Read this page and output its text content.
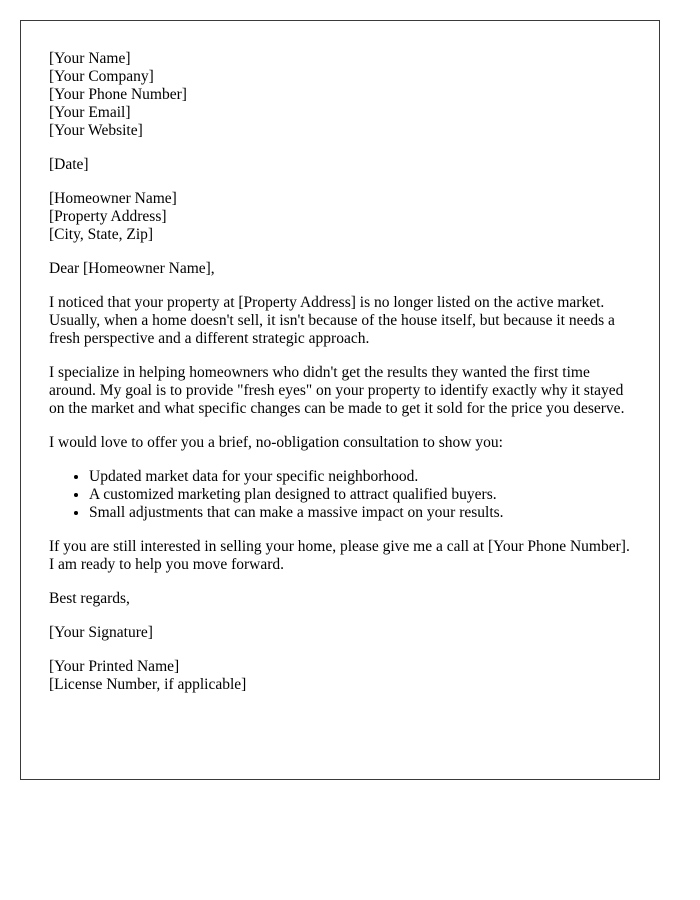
[Your Name]
[Your Company]
[Your Phone Number]
[Your Email]
[Your Website]
[Date]
[Homeowner Name]
[Property Address]
[City, State, Zip]

Dear [Homeowner Name],

I noticed that your property at [Property Address] is no longer listed on the active market. Usually, when a home doesn't sell, it isn't because of the house itself, but because it needs a fresh perspective and a different strategic approach.

I specialize in helping homeowners who didn't get the results they wanted the first time around. My goal is to provide "fresh eyes" on your property to identify exactly why it stayed on the market and what specific changes can be made to get it sold for the price you deserve.

I would love to offer you a brief, no-obligation consultation to show you:

• Updated market data for your specific neighborhood.
• A customized marketing plan designed to attract qualified buyers.
• Small adjustments that can make a massive impact on your results.

If you are still interested in selling your home, please give me a call at [Your Phone Number]. I am ready to help you move forward.

Best regards,

[Your Signature]

[Your Printed Name]
[License Number, if applicable]
